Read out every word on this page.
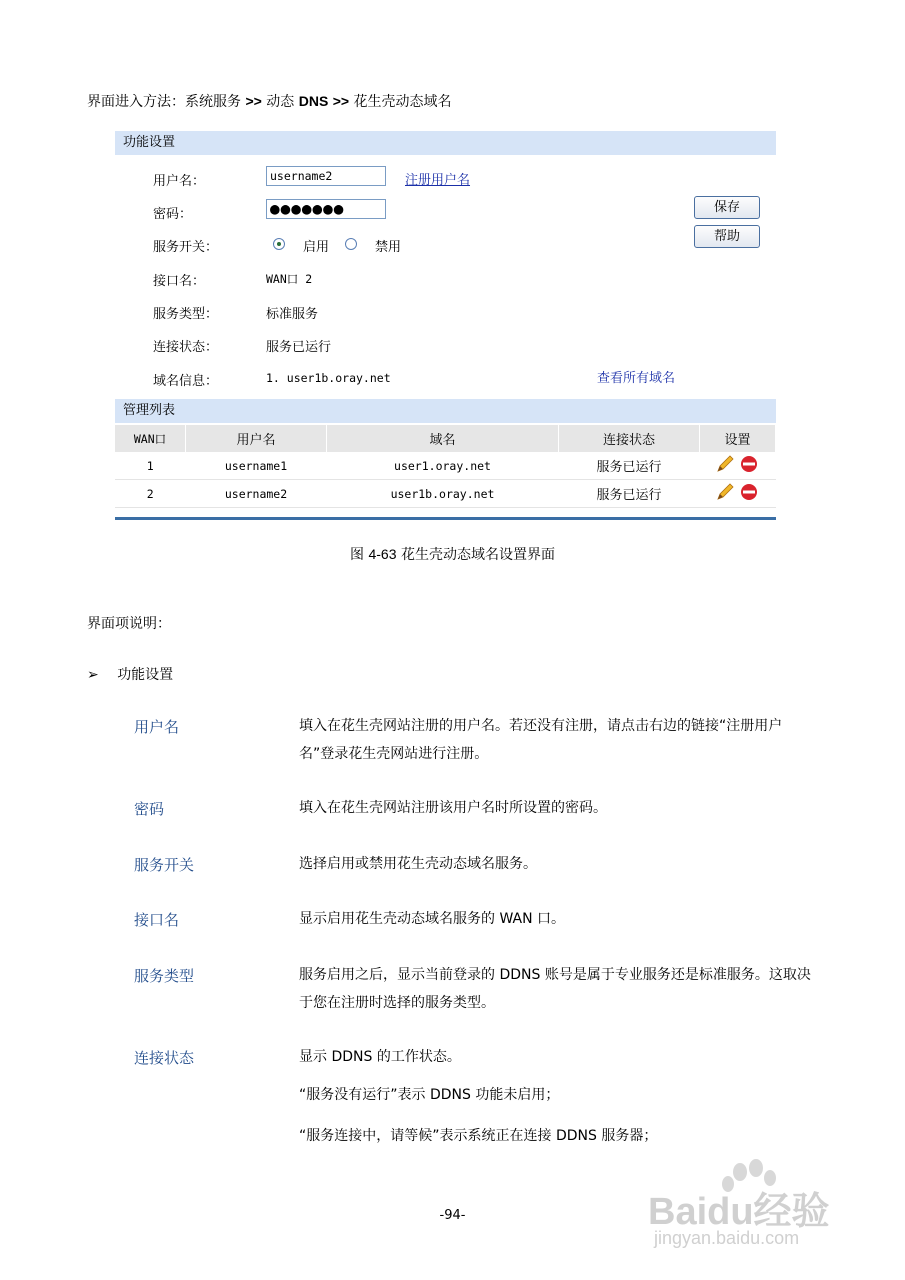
界面进入方法：系统服务 >> 动态 DNS >> 花生壳动态域名
功能设置
用户名：	username2	注册用户名
密码：	●●●●●●●	保存
帮助
服务开关：	启用	禁用
接口名：	WAN口 2
服务类型：	标准服务
连接状态：	服务已运行
域名信息：	1. user1b.oray.net	查看所有域名
管理列表
WAN口	用户名	域名	连接状态	设置
1	username1	user1.oray.net	服务已运行	
2	username2	user1b.oray.net	服务已运行	
图 4-63 花生壳动态域名设置界面
界面项说明：
➢ 功能设置
用户名	填入在花生壳网站注册的用户名。若还没有注册，请点击右边的链接“注册用户名”登录花生壳网站进行注册。
密码	填入在花生壳网站注册该用户名时所设置的密码。
服务开关	选择启用或禁用花生壳动态域名服务。
接口名	显示启用花生壳动态域名服务的 WAN 口。
服务类型	服务启用之后，显示当前登录的 DDNS 账号是属于专业服务还是标准服务。这取决于您在注册时选择的服务类型。
连接状态	显示 DDNS 的工作状态。
“服务没有运行”表示 DDNS 功能未启用；
“服务连接中，请等候”表示系统正在连接 DDNS 服务器；
-94-	Baidu经验
jingyan.baidu.com
